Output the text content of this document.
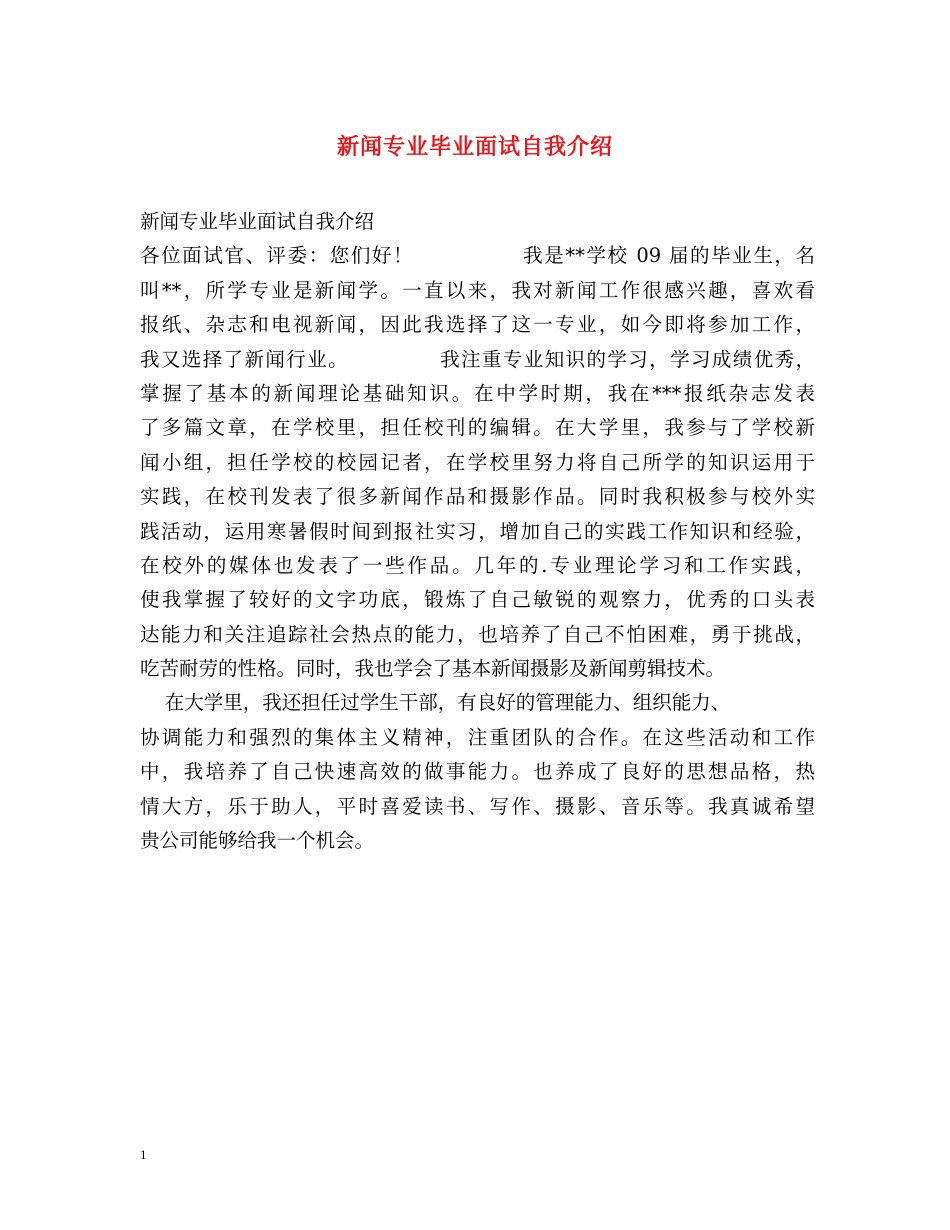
新闻专业毕业面试自我介绍
新闻专业毕业面试自我介绍
各位面试官、评委：您们好！              我是**学校 09 届的毕业生，名
叫**，所学专业是新闻学。一直以来，我对新闻工作很感兴趣，喜欢看
报纸、杂志和电视新闻，因此我选择了这一专业，如今即将参加工作，
我又选择了新闻行业。            我注重专业知识的学习，学习成绩优秀，
掌握了基本的新闻理论基础知识。在中学时期，我在***报纸杂志发表
了多篇文章，在学校里，担任校刊的编辑。在大学里，我参与了学校新
闻小组，担任学校的校园记者，在学校里努力将自己所学的知识运用于
实践，在校刊发表了很多新闻作品和摄影作品。同时我积极参与校外实
践活动，运用寒暑假时间到报社实习，增加自己的实践工作知识和经验，
在校外的媒体也发表了一些作品。几年的.专业理论学习和工作实践，
使我掌握了较好的文字功底，锻炼了自己敏锐的观察力，优秀的口头表
达能力和关注追踪社会热点的能力，也培养了自己不怕困难，勇于挑战，
吃苦耐劳的性格。同时，我也学会了基本新闻摄影及新闻剪辑技术。
在大学里，我还担任过学生干部，有良好的管理能力、组织能力、
协调能力和强烈的集体主义精神，注重团队的合作。在这些活动和工作
中，我培养了自己快速高效的做事能力。也养成了良好的思想品格，热
情大方，乐于助人，平时喜爱读书、写作、摄影、音乐等。我真诚希望
贵公司能够给我一个机会。
1
